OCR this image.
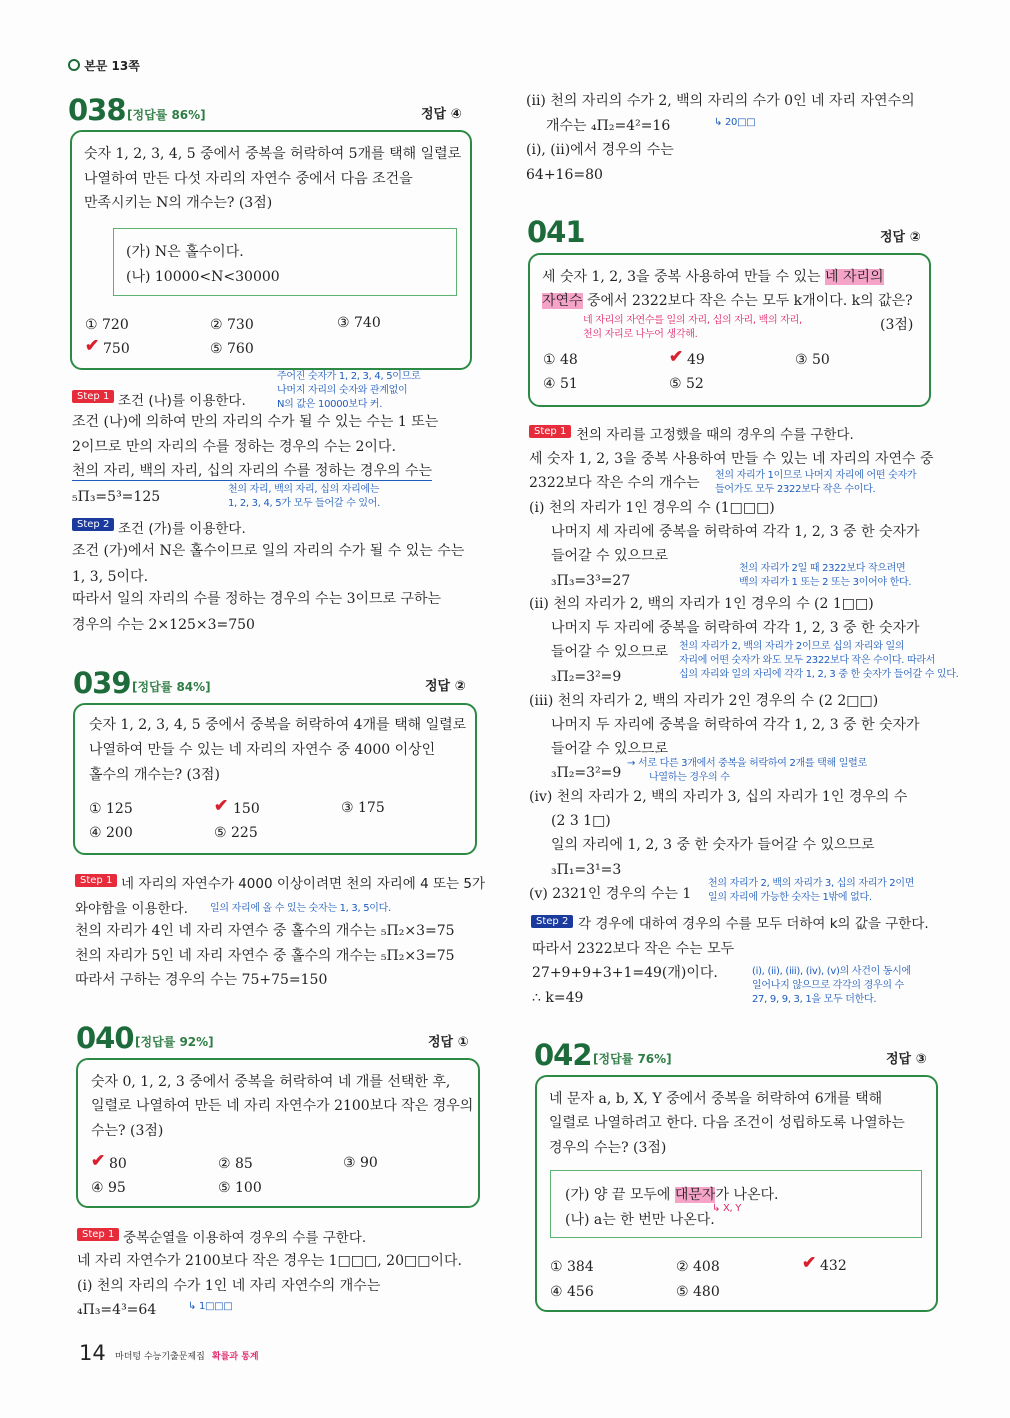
본문 13쪽
038 [정답률 86%]	정답 ④
숫자 1, 2, 3, 4, 5 중에서 중복을 허락하여 5개를 택해 일렬로
나열하여 만든 다섯 자리의 자연수 중에서 다음 조건을
만족시키는 N의 개수는? (3점)
(가) N은 홀수이다.
(나) 10000<N<30000
① 720	② 730	③ 740
✔ 750	⑤ 760
주어진 숫자가 1, 2, 3, 4, 5이므로
나머지 자리의 숫자와 관계없이
N의 값은 10000보다 커.
Step 1 조건 (나)를 이용한다.
조건 (나)에 의하여 만의 자리의 수가 될 수 있는 수는 1 또는
2이므로 만의 자리의 수를 정하는 경우의 수는 2이다.
천의 자리, 백의 자리, 십의 자리의 수를 정하는 경우의 수는
₅Π₃=5³=125	천의 자리, 백의 자리, 십의 자리에는
1, 2, 3, 4, 5가 모두 들어갈 수 있어.
Step 2 조건 (가)를 이용한다.
조건 (가)에서 N은 홀수이므로 일의 자리의 수가 될 수 있는 수는
1, 3, 5이다.
따라서 일의 자리의 수를 정하는 경우의 수는 3이므로 구하는
경우의 수는 2×125×3=750
039 [정답률 84%]	정답 ②
숫자 1, 2, 3, 4, 5 중에서 중복을 허락하여 4개를 택해 일렬로
나열하여 만들 수 있는 네 자리의 자연수 중 4000 이상인
홀수의 개수는? (3점)
① 125	✔ 150	③ 175
④ 200	⑤ 225
Step 1 네 자리의 자연수가 4000 이상이려면 천의 자리에 4 또는 5가
와야함을 이용한다. 일의 자리에 올 수 있는 숫자는 1, 3, 5이다.
천의 자리가 4인 네 자리 자연수 중 홀수의 개수는 ₅Π₂×3=75
천의 자리가 5인 네 자리 자연수 중 홀수의 개수는 ₅Π₂×3=75
따라서 구하는 경우의 수는 75+75=150
040 [정답률 92%]	정답 ①
숫자 0, 1, 2, 3 중에서 중복을 허락하여 네 개를 선택한 후,
일렬로 나열하여 만든 네 자리 자연수가 2100보다 작은 경우의
수는? (3점)
✔ 80	② 85	③ 90
④ 95	⑤ 100
Step 1 중복순열을 이용하여 경우의 수를 구한다.
네 자리 자연수가 2100보다 작은 경우는 1□□□, 20□□이다.
(i) 천의 자리의 수가 1인 네 자리 자연수의 개수는
₄Π₃=4³=64	↳ 1□□□
14 마더텅 수능기출문제집 확률과 통계
(ii) 천의 자리의 수가 2, 백의 자리의 수가 0인 네 자리 자연수의
개수는 ₄Π₂=4²=16	↳ 20□□
(i), (ii)에서 경우의 수는
64+16=80
041	정답 ②
세 숫자 1, 2, 3을 중복 사용하여 만들 수 있는 네 자리의
자연수 중에서 2322보다 작은 수는 모두 k개이다. k의 값은?
네 자리의 자연수를 일의 자리, 십의 자리, 백의 자리,
천의 자리로 나누어 생각해.
(3점)
① 48	✔ 49	③ 50
④ 51	⑤ 52
Step 1 천의 자리를 고정했을 때의 경우의 수를 구한다.
세 숫자 1, 2, 3을 중복 사용하여 만들 수 있는 네 자리의 자연수 중
2322보다 작은 수의 개수는 천의 자리가 1이므로 나머지 자리에 어떤 숫자가
들어가도 모두 2322보다 작은 수이다.
(i) 천의 자리가 1인 경우의 수 (1□□□)
나머지 세 자리에 중복을 허락하여 각각 1, 2, 3 중 한 숫자가
들어갈 수 있으므로
₃Π₃=3³=27
천의 자리가 2일 때 2322보다 작으려면
백의 자리가 1 또는 2 또는 3이어야 한다.
(ii) 천의 자리가 2, 백의 자리가 1인 경우의 수 (2 1□□)
나머지 두 자리에 중복을 허락하여 각각 1, 2, 3 중 한 숫자가
들어갈 수 있으므로 천의 자리가 2, 백의 자리가 2이므로 십의 자리와 일의
자리에 어떤 숫자가 와도 모두 2322보다 작은 수이다. 따라서
십의 자리와 일의 자리에 각각 1, 2, 3 중 한 숫자가 들어갈 수 있다.
₃Π₂=3²=9
(iii) 천의 자리가 2, 백의 자리가 2인 경우의 수 (2 2□□)
나머지 두 자리에 중복을 허락하여 각각 1, 2, 3 중 한 숫자가
들어갈 수 있으므로
₃Π₂=3²=9
→ 서로 다른 3개에서 중복을 허락하여 2개를 택해 일렬로
나열하는 경우의 수
(iv) 천의 자리가 2, 백의 자리가 3, 십의 자리가 1인 경우의 수
(2 3 1□)
일의 자리에 1, 2, 3 중 한 숫자가 들어갈 수 있으므로
₃Π₁=3¹=3
(v) 2321인 경우의 수는 1
천의 자리가 2, 백의 자리가 3, 십의 자리가 2이면
일의 자리에 가능한 숫자는 1밖에 없다.
Step 2 각 경우에 대하여 경우의 수를 모두 더하여 k의 값을 구한다.
따라서 2322보다 작은 수는 모두
27+9+9+3+1=49(개)이다.
∴ k=49
(i), (ii), (iii), (iv), (v)의 사건이 동시에
일어나지 않으므로 각각의 경우의 수
27, 9, 9, 3, 1을 모두 더한다.
042 [정답률 76%]	정답 ③
네 문자 a, b, X, Y 중에서 중복을 허락하여 6개를 택해
일렬로 나열하려고 한다. 다음 조건이 성립하도록 나열하는
경우의 수는? (3점)
(가) 양 끝 모두에 대문자가 나온다.
(나) a는 한 번만 나온다.
↳ X, Y
① 384	② 408	✔ 432
④ 456	⑤ 480
